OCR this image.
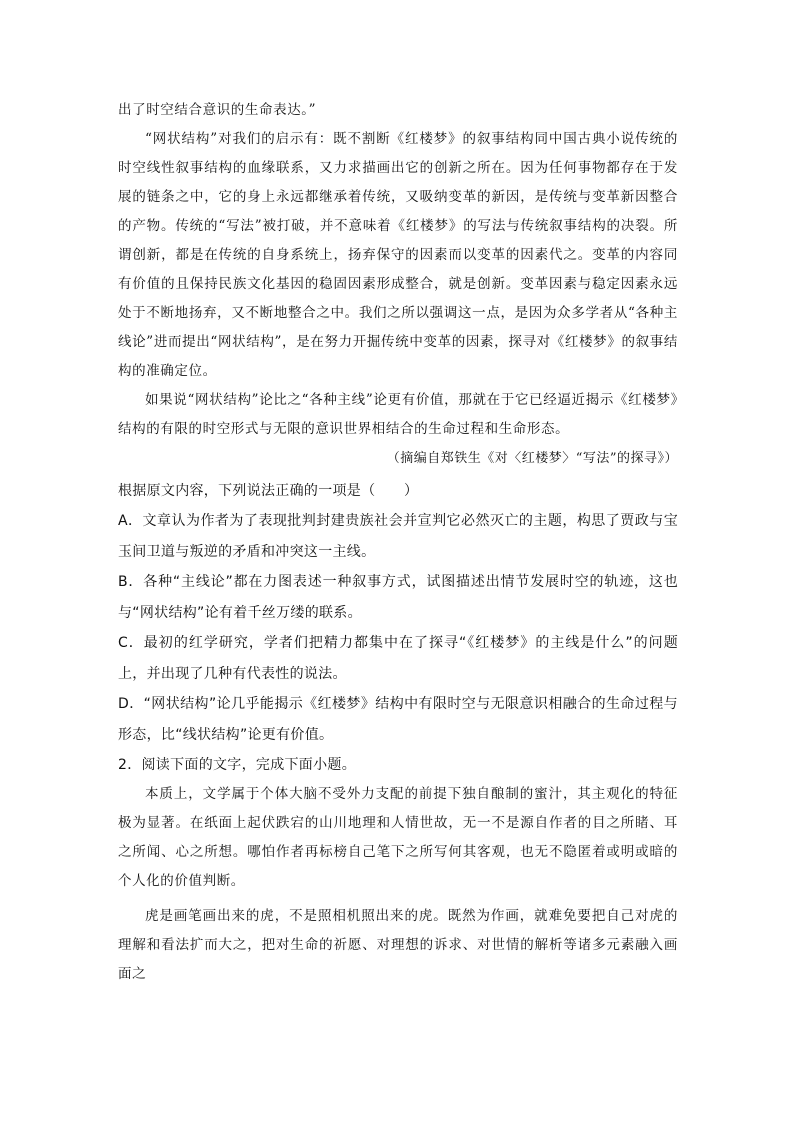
出了时空结合意识的生命表达。”

“网状结构”对我们的启示有：既不割断《红楼梦》的叙事结构同中国古典小说传统的时空线性叙事结构的血缘联系，又力求描画出它的创新之所在。因为任何事物都存在于发展的链条之中，它的身上永远都继承着传统，又吸纳变革的新因，是传统与变革新因整合的产物。传统的“写法”被打破，并不意味着《红楼梦》的写法与传统叙事结构的决裂。所谓创新，都是在传统的自身系统上，扬弃保守的因素而以变革的因素代之。变革的内容同有价值的且保持民族文化基因的稳固因素形成整合，就是创新。变革因素与稳定因素永远处于不断地扬弃，又不断地整合之中。我们之所以强调这一点，是因为众多学者从“各种主线论”进而提出“网状结构”，是在努力开掘传统中变革的因素，探寻对《红楼梦》的叙事结构的准确定位。

如果说“网状结构”论比之“各种主线”论更有价值，那就在于它已经逼近揭示《红楼梦》结构的有限的时空形式与无限的意识世界相结合的生命过程和生命形态。

（摘编自郑铁生《对〈红楼梦〉“写法”的探寻》）

根据原文内容，下列说法正确的一项是（　　）

A．文章认为作者为了表现批判封建贵族社会并宣判它必然灭亡的主题，构思了贾政与宝玉间卫道与叛逆的矛盾和冲突这一主线。

B．各种“主线论”都在力图表述一种叙事方式，试图描述出情节发展时空的轨迹，这也与“网状结构”论有着千丝万缕的联系。

C．最初的红学研究，学者们把精力都集中在了探寻“《红楼梦》的主线是什么”的问题上，并出现了几种有代表性的说法。

D．“网状结构”论几乎能揭示《红楼梦》结构中有限时空与无限意识相融合的生命过程与形态，比“线状结构”论更有价值。

2．阅读下面的文字，完成下面小题。

本质上，文学属于个体大脑不受外力支配的前提下独自酿制的蜜汁，其主观化的特征极为显著。在纸面上起伏跌宕的山川地理和人情世故，无一不是源自作者的目之所睹、耳之所闻、心之所想。哪怕作者再标榜自己笔下之所写何其客观，也无不隐匿着或明或暗的个人化的价值判断。

虎是画笔画出来的虎，不是照相机照出来的虎。既然为作画，就难免要把自己对虎的理解和看法扩而大之，把对生命的祈愿、对理想的诉求、对世情的解析等诸多元素融入画面之
